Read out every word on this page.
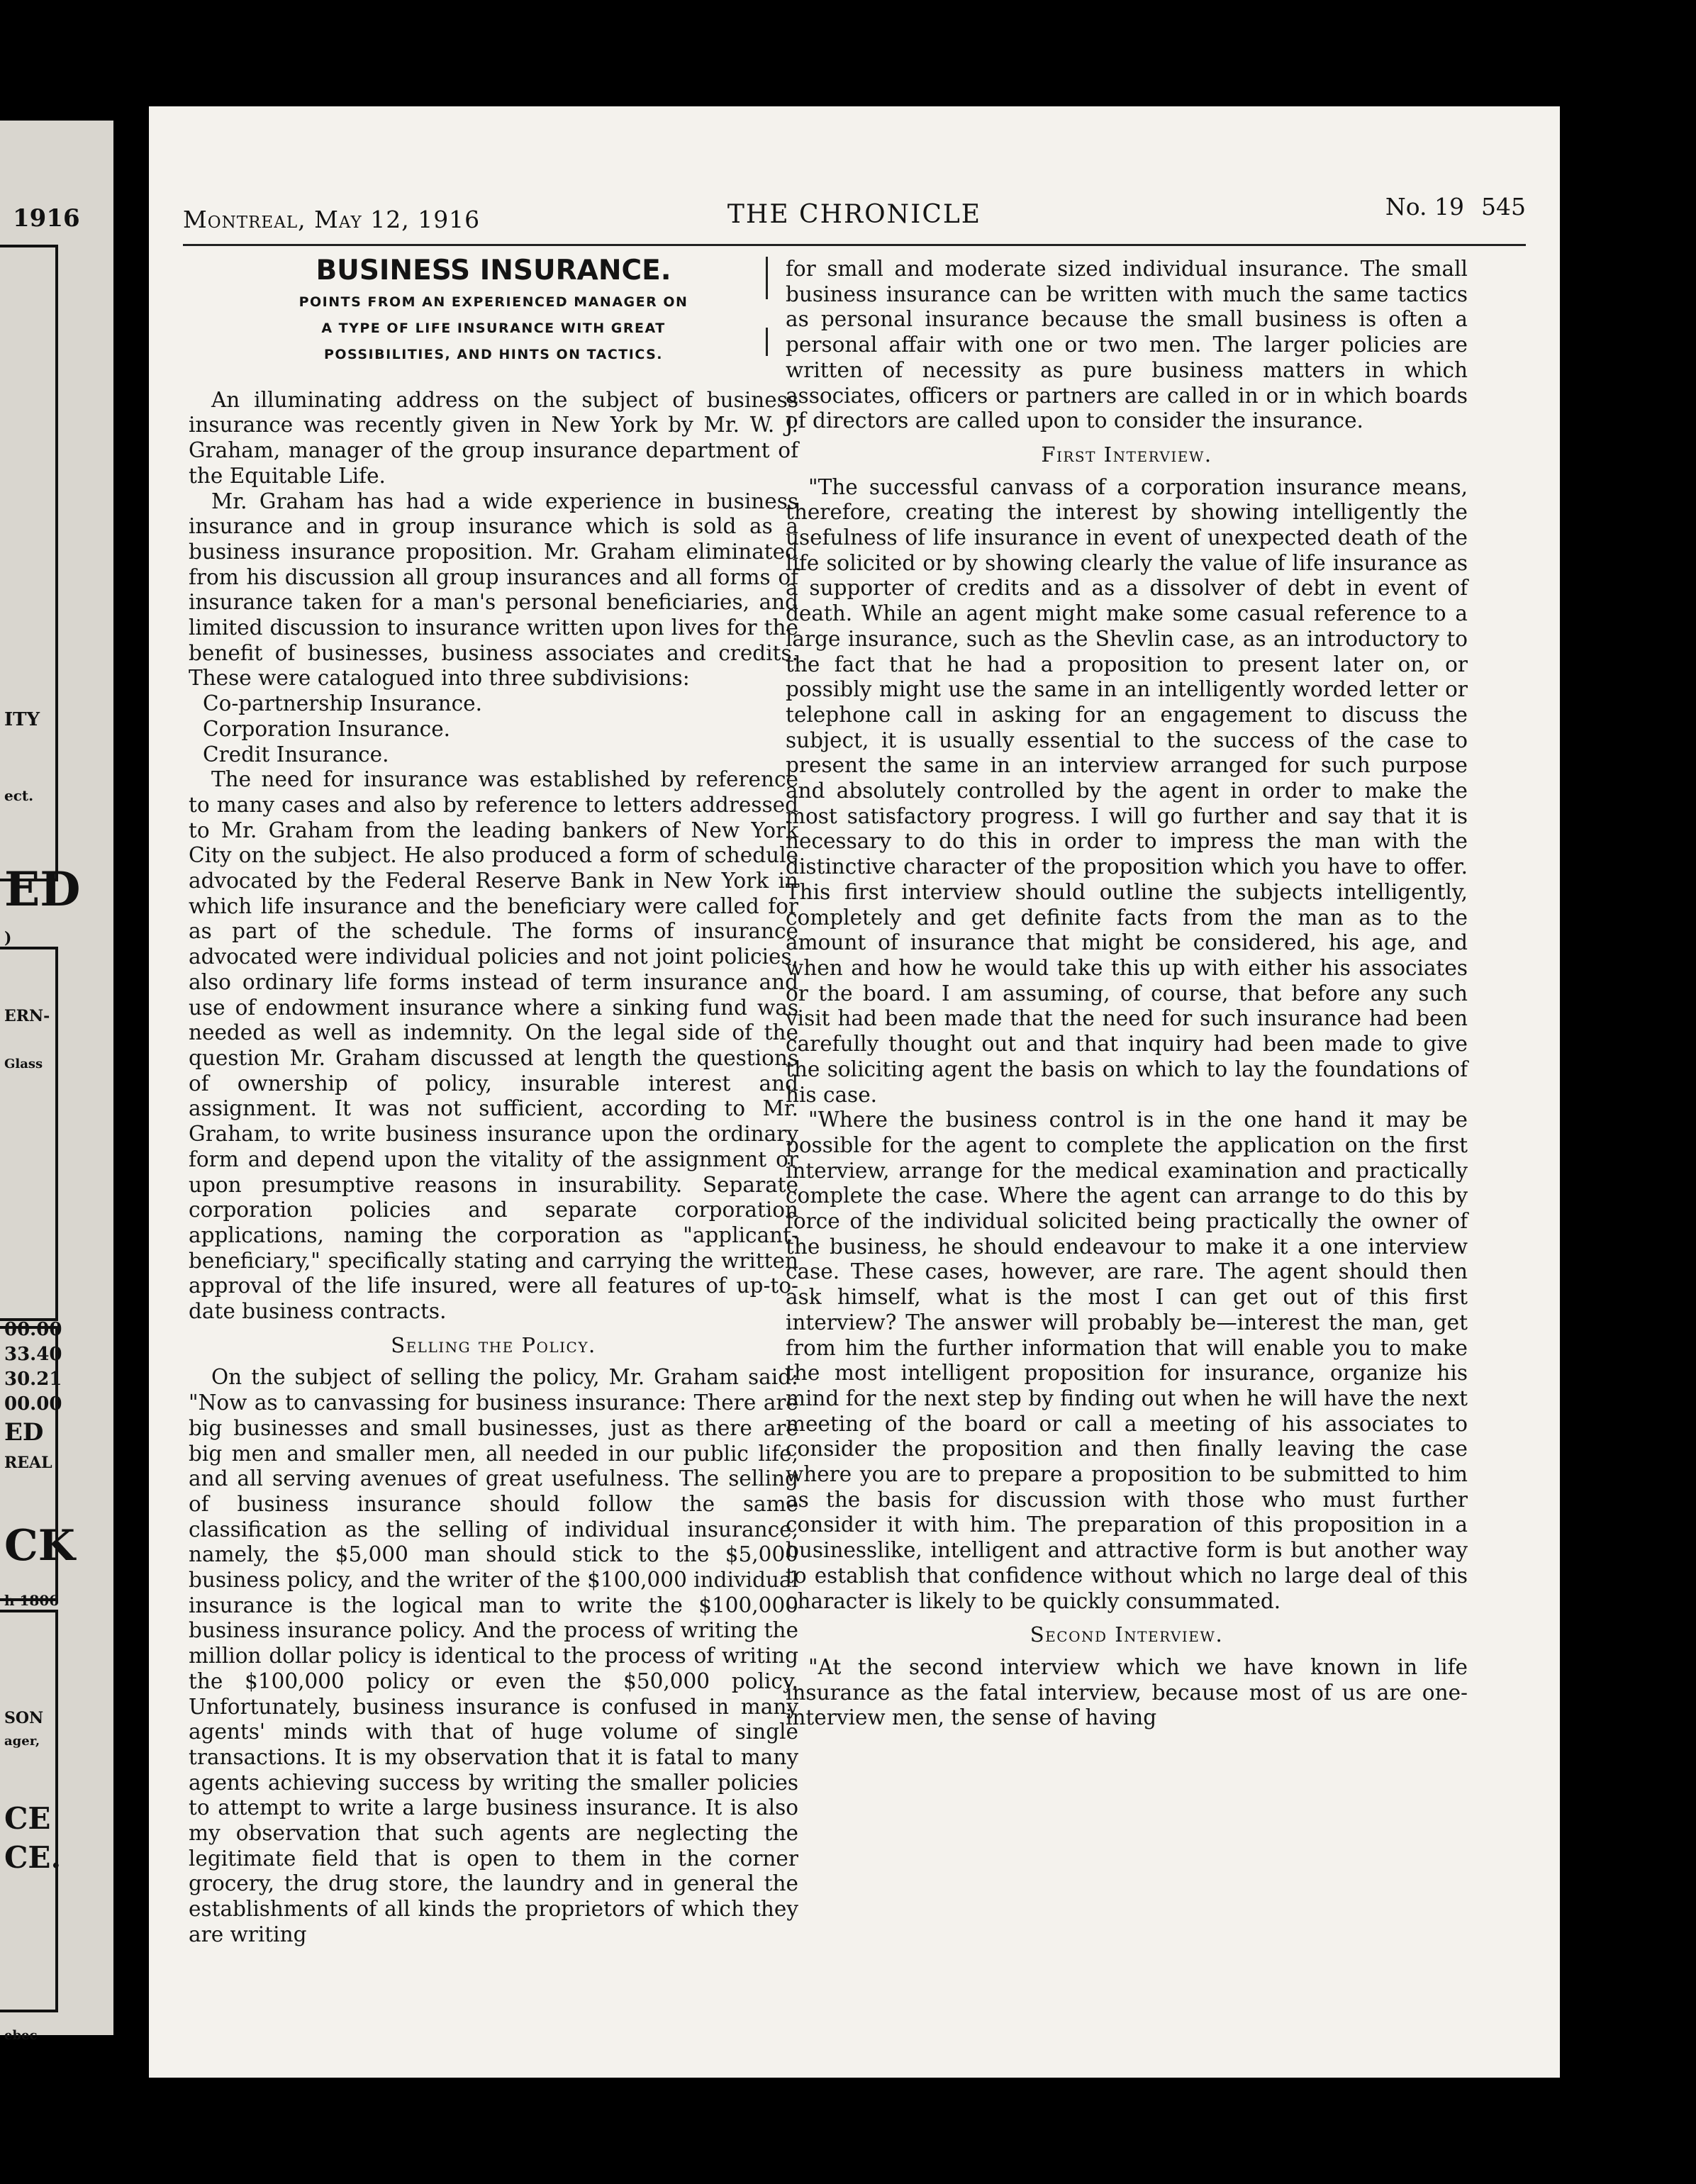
1916
ITY
ect.
ED
)
ERN-
Glass
00.00
33.40
30.21
00.00
ED
REAL
CK
h 1806
SON
ager,
CE
CE.
ebec
Montreal, May 12, 1916	THE CHRONICLE	No. 19 545
BUSINESS INSURANCE.
POINTS FROM AN EXPERIENCED MANAGER ON
A TYPE OF LIFE INSURANCE WITH GREAT
POSSIBILITIES, AND HINTS ON TACTICS.

An illuminating address on the subject of business insurance was recently given in New York by Mr. W. J. Graham, manager of the group insurance department of the Equitable Life.

Mr. Graham has had a wide experience in business insurance and in group insurance which is sold as a business insurance proposition. Mr. Graham eliminated from his discussion all group insurances and all forms of insurance taken for a man's personal beneficiaries, and limited discussion to insurance written upon lives for the benefit of businesses, business associates and credits. These were catalogued into three subdivisions:

Co-partnership Insurance.

Corporation Insurance.

Credit Insurance.

The need for insurance was established by reference to many cases and also by reference to letters addressed to Mr. Graham from the leading bankers of New York City on the subject. He also produced a form of schedule advocated by the Federal Reserve Bank in New York in which life insurance and the beneficiary were called for as part of the schedule. The forms of insurance advocated were individual policies and not joint policies, also ordinary life forms instead of term insurance and use of endowment insurance where a sinking fund was needed as well as indemnity. On the legal side of the question Mr. Graham discussed at length the questions of ownership of policy, insurable interest and assignment. It was not sufficient, according to Mr. Graham, to write business insurance upon the ordinary form and depend upon the vitality of the assignment or upon presumptive reasons in insurability. Separate corporation policies and separate corporation applications, naming the corporation as "applicant-beneficiary," specifically stating and carrying the written approval of the life insured, were all features of up-to-date business contracts.

Selling the Policy.

On the subject of selling the policy, Mr. Graham said: "Now as to canvassing for business insurance: There are big businesses and small businesses, just as there are big men and smaller men, all needed in our public life, and all serving avenues of great usefulness. The selling of business insurance should follow the same classification as the selling of individual insurance, namely, the $5,000 man should stick to the $5,000 business policy, and the writer of the $100,000 individual insurance is the logical man to write the $100,000 business insurance policy. And the process of writing the million dollar policy is identical to the process of writing the $100,000 policy or even the $50,000 policy. Unfortunately, business insurance is confused in many agents' minds with that of huge volume of single transactions. It is my observation that it is fatal to many agents achieving success by writing the smaller policies to attempt to write a large business insurance. It is also my observation that such agents are neglecting the legitimate field that is open to them in the corner grocery, the drug store, the laundry and in general the establishments of all kinds the proprietors of which they are writing

for small and moderate sized individual insurance. The small business insurance can be written with much the same tactics as personal insurance because the small business is often a personal affair with one or two men. The larger policies are written of necessity as pure business matters in which associates, officers or partners are called in or in which boards of directors are called upon to consider the insurance.

First Interview.

"The successful canvass of a corporation insurance means, therefore, creating the interest by showing intelligently the usefulness of life insurance in event of unexpected death of the life solicited or by showing clearly the value of life insurance as a supporter of credits and as a dissolver of debt in event of death. While an agent might make some casual reference to a large insurance, such as the Shevlin case, as an introductory to the fact that he had a proposition to present later on, or possibly might use the same in an intelligently worded letter or telephone call in asking for an engagement to discuss the subject, it is usually essential to the success of the case to present the same in an interview arranged for such purpose and absolutely controlled by the agent in order to make the most satisfactory progress. I will go further and say that it is necessary to do this in order to impress the man with the distinctive character of the proposition which you have to offer. This first interview should outline the subjects intelligently, completely and get definite facts from the man as to the amount of insurance that might be considered, his age, and when and how he would take this up with either his associates or the board. I am assuming, of course, that before any such visit had been made that the need for such insurance had been carefully thought out and that inquiry had been made to give the soliciting agent the basis on which to lay the foundations of his case.

"Where the business control is in the one hand it may be possible for the agent to complete the application on the first interview, arrange for the medical examination and practically complete the case. Where the agent can arrange to do this by force of the individual solicited being practically the owner of the business, he should endeavour to make it a one interview case. These cases, however, are rare. The agent should then ask himself, what is the most I can get out of this first interview? The answer will probably be—interest the man, get from him the further information that will enable you to make the most intelligent proposition for insurance, organize his mind for the next step by finding out when he will have the next meeting of the board or call a meeting of his associates to consider the proposition and then finally leaving the case where you are to prepare a proposition to be submitted to him as the basis for discussion with those who must further consider it with him. The preparation of this proposition in a businesslike, intelligent and attractive form is but another way to establish that confidence without which no large deal of this character is likely to be quickly consummated.

Second Interview.

"At the second interview which we have known in life insurance as the fatal interview, because most of us are one-interview men, the sense of having
